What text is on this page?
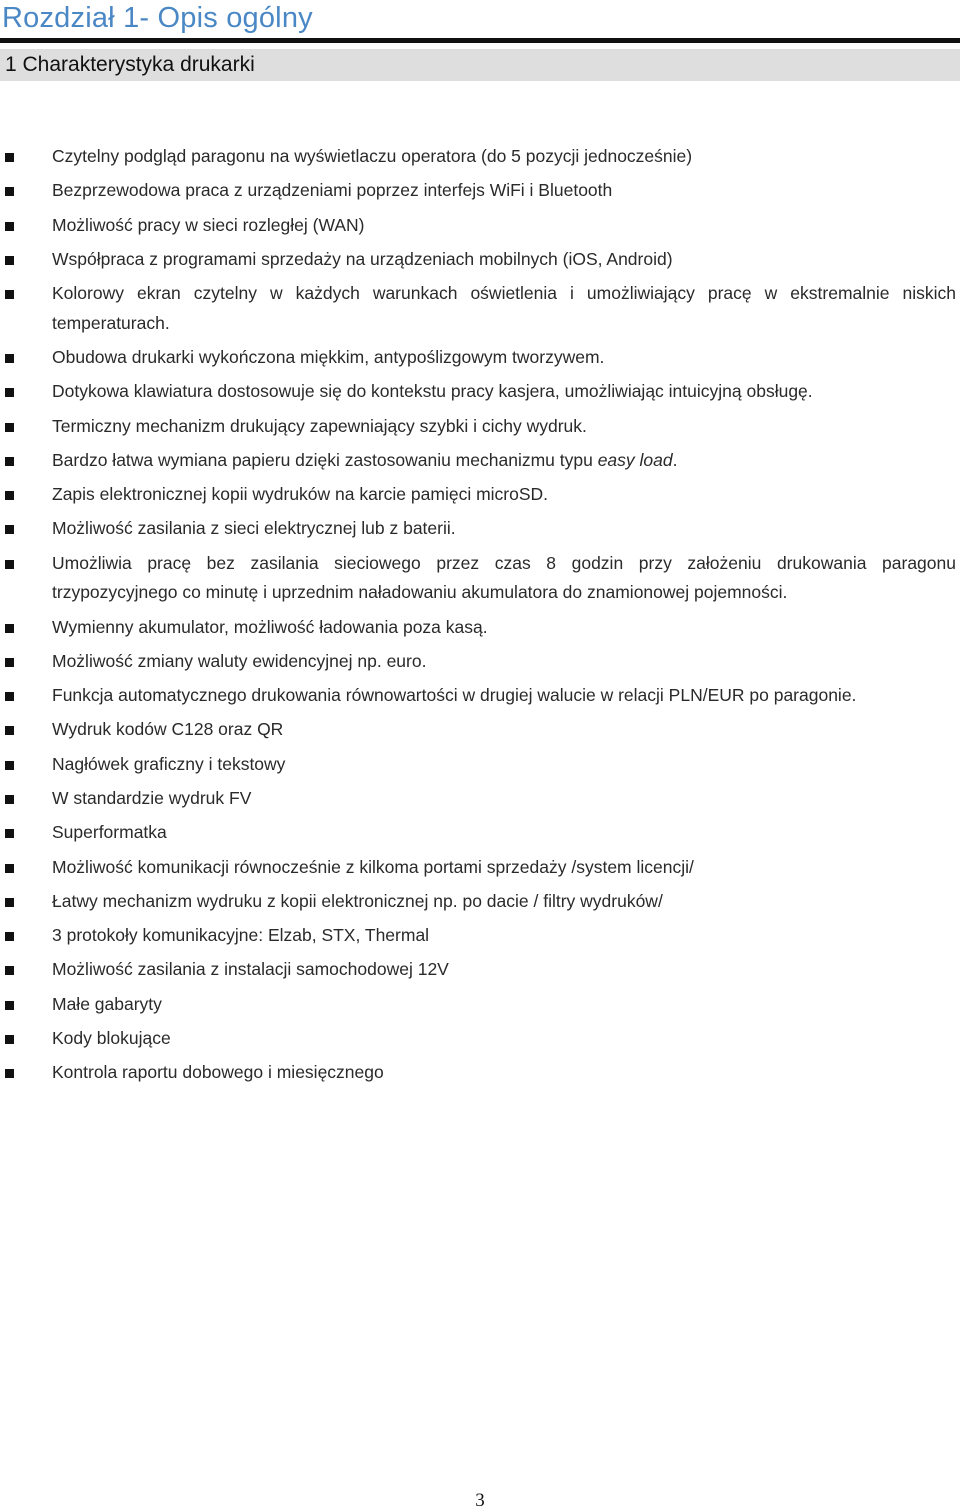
Rozdział 1- Opis ogólny
1 Charakterystyka drukarki
Czytelny podgląd paragonu na wyświetlaczu operatora (do 5 pozycji jednocześnie)
Bezprzewodowa praca z urządzeniami poprzez interfejs WiFi i Bluetooth
Możliwość pracy w sieci rozległej (WAN)
Współpraca z programami sprzedaży na urządzeniach mobilnych (iOS, Android)
Kolorowy ekran czytelny w każdych warunkach oświetlenia i umożliwiający pracę w ekstremalnie niskich temperaturach.
Obudowa drukarki wykończona miękkim, antypoślizgowym tworzywem.
Dotykowa klawiatura dostosowuje się do kontekstu pracy kasjera, umożliwiając intuicyjną obsługę.
Termiczny mechanizm drukujący zapewniający szybki i cichy wydruk.
Bardzo łatwa wymiana papieru dzięki zastosowaniu mechanizmu typu easy load.
Zapis elektronicznej kopii wydruków na karcie pamięci microSD.
Możliwość zasilania z sieci elektrycznej lub z baterii.
Umożliwia pracę bez zasilania sieciowego przez czas 8 godzin przy założeniu drukowania paragonu trzypozycyjnego co minutę i uprzednim naładowaniu akumulatora do znamionowej pojemności.
Wymienny akumulator, możliwość ładowania poza kasą.
Możliwość zmiany waluty ewidencyjnej np. euro.
Funkcja automatycznego drukowania równowartości w drugiej walucie w relacji PLN/EUR po paragonie.
Wydruk kodów C128 oraz QR
Nagłówek graficzny i tekstowy
W standardzie wydruk FV
Superformatka
Możliwość komunikacji równocześnie z kilkoma portami sprzedaży /system licencji/
Łatwy mechanizm wydruku z kopii elektronicznej np. po dacie / filtry wydruków/
3 protokoły komunikacyjne: Elzab, STX, Thermal
Możliwość zasilania z instalacji samochodowej 12V
Małe gabaryty
Kody blokujące
Kontrola raportu dobowego i miesięcznego
3
